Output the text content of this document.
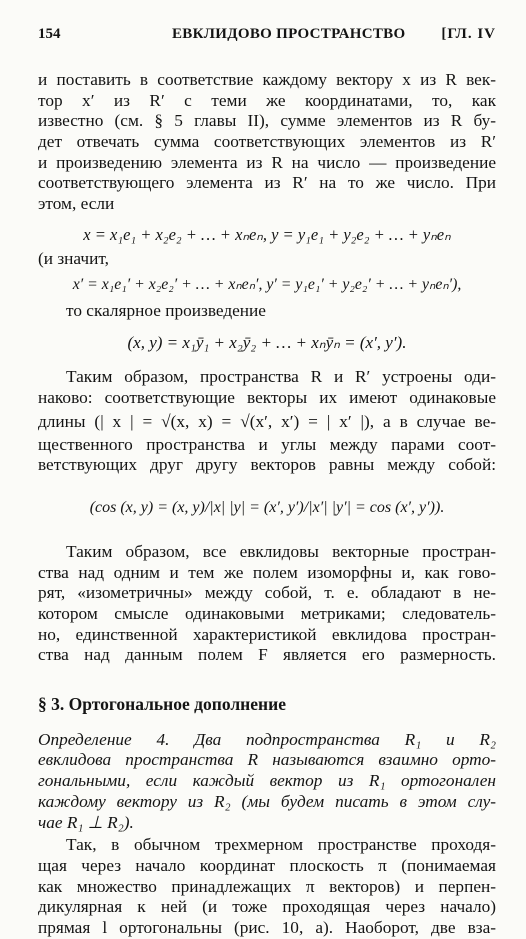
154	ЕВКЛИДОВО ПРОСТРАНСТВО [ГЛ. IV
и поставить в соответствие каждому вектору x из R век-
тор x′ из R′ с теми же координатами, то, как
известно (см. § 5 главы II), сумме элементов из R бу-
дет отвечать сумма соответствующих элементов из R′
и произведению элемента из R на число — произведение
соответствующего элемента из R′ на то же число. При
этом, если
x = x₁e₁ + x₂e₂ + … + xₙeₙ, y = y₁e₁ + y₂e₂ + … + yₙeₙ
(и значит,
x′ = x₁e₁′ + x₂e₂′ + … + xₙeₙ′, y′ = y₁e₁′ + y₂e₂′ + … + yₙeₙ′),
то скалярное произведение
(x, y) = x₁ȳ₁ + x₂ȳ₂ + … + xₙȳₙ = (x′, y′).
Таким образом, пространства R и R′ устроены оди-
наково: соответствующие векторы их имеют одинаковые
длины (| x | = √(x, x) = √(x′, x′) = | x′ |), а в случае ве-
щественного пространства и углы между парами соот-
ветствующих друг другу векторов равны между собой:
(cos (x, y) = (x, y)/|x| |y| = (x′, y′)/|x′| |y′| = cos (x′, y′)).
Таким образом, все евклидовы векторные простран-
ства над одним и тем же полем изоморфны и, как гово-
рят, «изометричны» между собой, т. е. обладают в не-
котором смысле одинаковыми метриками; следователь-
но, единственной характеристикой евклидова простран-
ства над данным полем F является его размерность.
§ 3. Ортогональное дополнение
Определение 4. Два подпространства R₁ и R₂
евклидова пространства R называются взаимно орто-
гональными, если каждый вектор из R₁ ортогонален
каждому вектору из R₂ (мы будем писать в этом слу-
чае R₁ ⊥ R₂).
Так, в обычном трехмерном пространстве проходя-
щая через начало координат плоскость π (понимаемая
как множество принадлежащих π векторов) и перпен-
дикулярная к ней (и тоже проходящая через начало)
прямая l ортогональны (рис. 10, а). Наоборот, две вза-
